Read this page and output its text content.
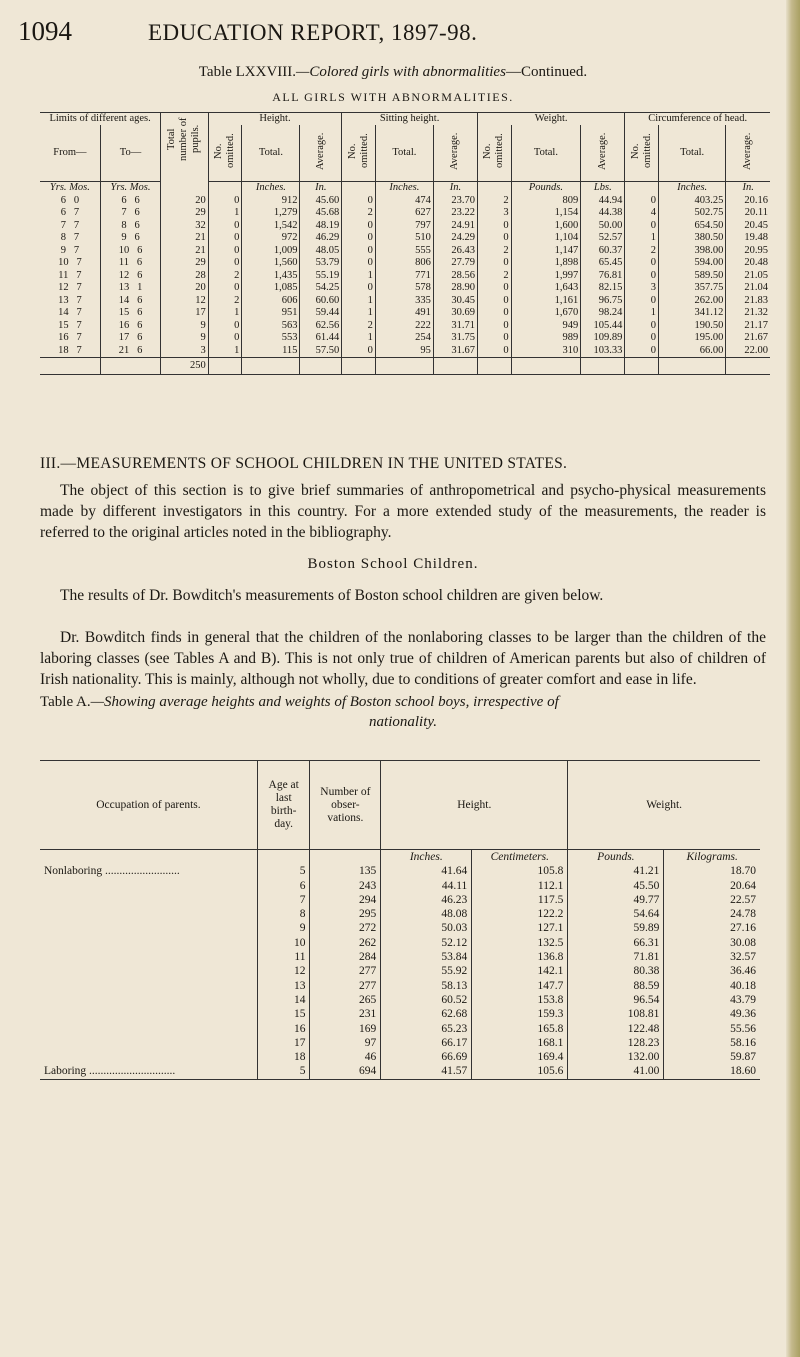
1094	EDUCATION REPORT, 1897-98.
Table LXXVIII.—Colored girls with abnormalities—Continued.
ALL GIRLS WITH ABNORMALITIES.
Limits of different ages.		Total number of pupils.	Height.			Sitting height.			Weight.			Circumference of head.		
From—	To—		No. omitted.	Total.	Average.	No. omitted.	Total.	Average.	No. omitted.	Total.	Average.	No. omitted.	Total.	Average.
Yrs. Mos.	Yrs. Mos.			Inches.	In.		Inches.	In.		Pounds.	Lbs.		Inches.	In.
6   0	6   6	20	0	912	45.60	0	474	23.70	2	809	44.94	0	403.25	20.16
6   7	7   6	29	1	1,279	45.68	2	627	23.22	3	1,154	44.38	4	502.75	20.11
7   7	8   6	32	0	1,542	48.19	0	797	24.91	0	1,600	50.00	0	654.50	20.45
8   7	9   6	21	0	972	46.29	0	510	24.29	0	1,104	52.57	1	380.50	19.48
9   7	10   6	21	0	1,009	48.05	0	555	26.43	2	1,147	60.37	2	398.00	20.95
10   7	11   6	29	0	1,560	53.79	0	806	27.79	0	1,898	65.45	0	594.00	20.48
11   7	12   6	28	2	1,435	55.19	1	771	28.56	2	1,997	76.81	0	589.50	21.05
12   7	13   1	20	0	1,085	54.25	0	578	28.90	0	1,643	82.15	3	357.75	21.04
13   7	14   6	12	2	606	60.60	1	335	30.45	0	1,161	96.75	0	262.00	21.83
14   7	15   6	17	1	951	59.44	1	491	30.69	0	1,670	98.24	1	341.12	21.32
15   7	16   6	9	0	563	62.56	2	222	31.71	0	949	105.44	0	190.50	21.17
16   7	17   6	9	0	553	61.44	1	254	31.75	0	989	109.89	0	195.00	21.67
18   7	21   6	3	1	115	57.50	0	95	31.67	0	310	103.33	0	66.00	22.00
		250												
III.—MEASUREMENTS OF SCHOOL CHILDREN IN THE UNITED STATES.

The object of this section is to give brief summaries of anthropometrical and psycho-physical measurements made by different investigators in this country. For a more extended study of the measurements, the reader is referred to the original articles noted in the bibliography.

Boston School Children.

The results of Dr. Bowditch's measurements of Boston school children are given below.

Dr. Bowditch finds in general that the children of the nonlaboring classes to be larger than the children of the laboring classes (see Tables A and B). This is not only true of children of American parents but also of children of Irish nationality. This is mainly, although not wholly, due to conditions of greater comfort and ease in life.

Table A.—Showing average heights and weights of Boston school boys, irrespective of
nationality.
Occupation of parents.	Age at last birth-day.	Number of obser-vations.	Height.		Weight.	
			Inches.	Centimeters.	Pounds.	Kilograms.
Nonlaboring ..........................	5	135	41.64	105.8	41.21	18.70
	6	243	44.11	112.1	45.50	20.64
	7	294	46.23	117.5	49.77	22.57
	8	295	48.08	122.2	54.64	24.78
	9	272	50.03	127.1	59.89	27.16
	10	262	52.12	132.5	66.31	30.08
	11	284	53.84	136.8	71.81	32.57
	12	277	55.92	142.1	80.38	36.46
	13	277	58.13	147.7	88.59	40.18
	14	265	60.52	153.8	96.54	43.79
	15	231	62.68	159.3	108.81	49.36
	16	169	65.23	165.8	122.48	55.56
	17	97	66.17	168.1	128.23	58.16
	18	46	66.69	169.4	132.00	59.87
Laboring ..............................	5	694	41.57	105.6	41.00	18.60
